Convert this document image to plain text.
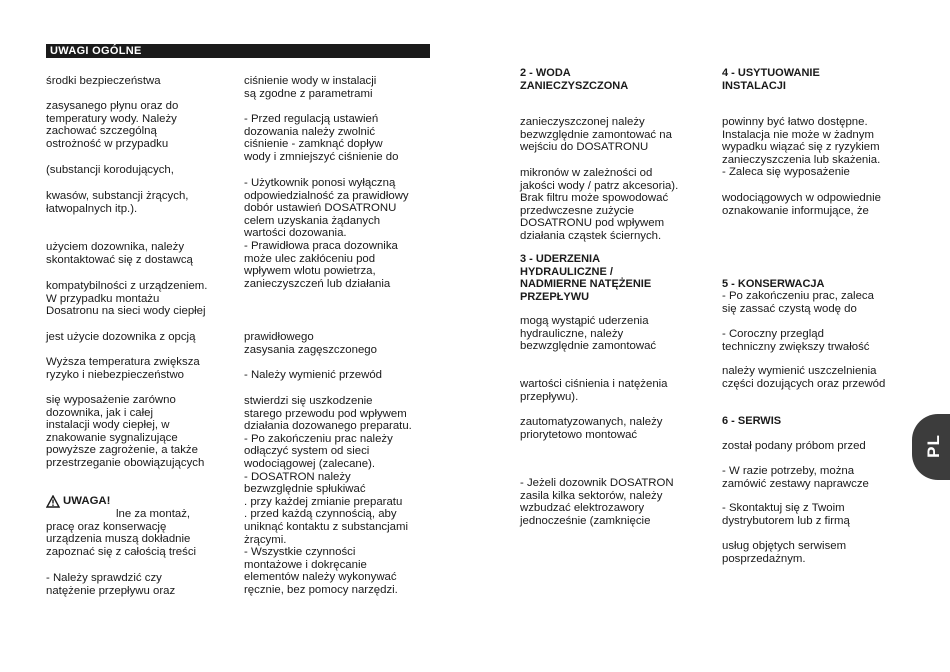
UWAGI OGÓLNE
środki bezpieczeństwa
zasysanego płynu oraz do
temperatury wody. Należy
zachować szczególną
ostrożność w przypadku
(substancji korodujących,
kwasów, substancji żrących,
łatwopalnych itp.).
użyciem dozownika, należy
skontaktować się z dostawcą
kompatybilności z urządzeniem.
W przypadku montażu
Dosatronu na sieci wody ciepłej
jest użycie dozownika z opcją
Wyższa temperatura zwiększa
ryzyko i niebezpieczeństwo
się wyposażenie zarówno
dozownika, jak i całej
instalacji wody ciepłej, w
znakowanie sygnalizujące
powyższe zagrożenie, a także
przestrzeganie obowiązujących
UWAGA!
lne za montaż,
pracę oraz konserwację
urządzenia muszą dokładnie
zapoznać się z całością treści
- Należy sprawdzić czy
natężenie przepływu oraz
ciśnienie wody w instalacji
są zgodne z parametrami
- Przed regulacją ustawień
dozowania należy zwolnić
ciśnienie - zamknąć dopływ
wody i zmniejszyć ciśnienie do
- Użytkownik ponosi wyłączną
odpowiedzialność za prawidłowy
dobór ustawień DOSATRONU
celem uzyskania żądanych
wartości dozowania.
- Prawidłowa praca dozownika
może ulec zakłóceniu pod
wpływem wlotu powietrza,
zanieczyszczeń lub działania
prawidłowego
zasysania zagęszczonego
- Należy wymienić przewód
stwierdzi się uszkodzenie
starego przewodu pod wpływem
działania dozowanego preparatu.
- Po zakończeniu prac należy
odłączyć system od sieci
wodociągowej (zalecane).
- DOSATRON należy
bezwzględnie spłukiwać
. przy każdej zmianie preparatu
. przed każdą czynnością, aby
uniknąć kontaktu z substancjami
żrącymi.
- Wszystkie czynności
montażowe i dokręcanie
elementów należy wykonywać
ręcznie, bez pomocy narzędzi.
2 - WODA
ZANIECZYSZCZONA
zanieczyszczonej należy
bezwzględnie zamontować na
wejściu do DOSATRONU
mikronów w zależności od
jakości wody / patrz akcesoria).
Brak filtru może spowodować
przedwczesne zużycie
DOSATRONU pod wpływem
działania cząstek ściernych.
3 - UDERZENIA
HYDRAULICZNE /
NADMIERNE NATĘŻENIE
PRZEPŁYWU
mogą wystąpić uderzenia
hydrauliczne, należy
bezwzględnie zamontować
wartości ciśnienia i natężenia
przepływu).
zautomatyzowanych, należy
priorytetowo montować
- Jeżeli dozownik DOSATRON
zasila kilka sektorów, należy
wzbudzać elektrozawory
jednocześnie (zamknięcie
4 - USYTUOWANIE
INSTALACJI
powinny być łatwo dostępne.
Instalacja nie może w żadnym
wypadku wiązać się z ryzykiem
zanieczyszczenia lub skażenia.
- Zaleca się wyposażenie
wodociągowych w odpowiednie
oznakowanie informujące, że
5 - KONSERWACJA
- Po zakończeniu prac, zaleca
się zassać czystą wodę do
- Coroczny przegląd
techniczny zwiększy trwałość
należy wymienić uszczelnienia
części dozujących oraz przewód
6 - SERWIS
został podany próbom przed
- W razie potrzeby, można
zamówić zestawy naprawcze
- Skontaktuj się z Twoim
dystrybutorem lub z firmą
usług objętych serwisem
posprzedażnym.
PL
